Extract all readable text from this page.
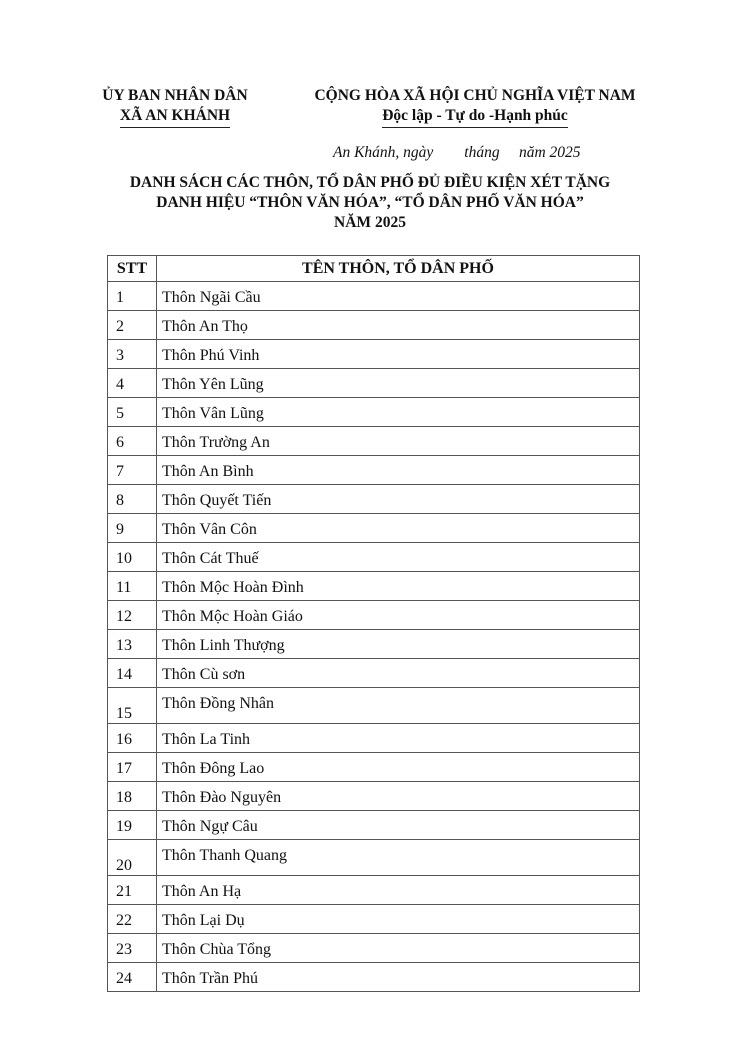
ỦY BAN NHÂN DÂN
XÃ AN KHÁNH
CỘNG HÒA XÃ HỘI CHỦ NGHĨA VIỆT NAM
Độc lập - Tự do -Hạnh phúc
An Khánh, ngày        tháng     năm 2025
DANH SÁCH CÁC THÔN, TỔ DÂN PHỐ ĐỦ ĐIỀU KIỆN XÉT TẶNG
DANH HIỆU “THÔN VĂN HÓA”, “TỔ DÂN PHỐ VĂN HÓA”
NĂM 2025
STT	TÊN THÔN, TỔ DÂN PHỐ
1	Thôn Ngãi Cầu
2	Thôn An Thọ
3	Thôn Phú Vinh
4	Thôn Yên Lũng
5	Thôn Vân Lũng
6	Thôn Trường An
7	Thôn An Bình
8	Thôn Quyết Tiến
9	Thôn Vân Côn
10	Thôn Cát Thuế
11	Thôn Mộc Hoàn Đình
12	Thôn Mộc Hoàn Giáo
13	Thôn Linh Thượng
14	Thôn Cù sơn
15	Thôn Đồng Nhân
16	Thôn La Tinh
17	Thôn Đông Lao
18	Thôn Đào Nguyên
19	Thôn Ngự Câu
20	Thôn Thanh Quang
21	Thôn An Hạ
22	Thôn Lại Dụ
23	Thôn Chùa Tổng
24	Thôn Trần Phú
